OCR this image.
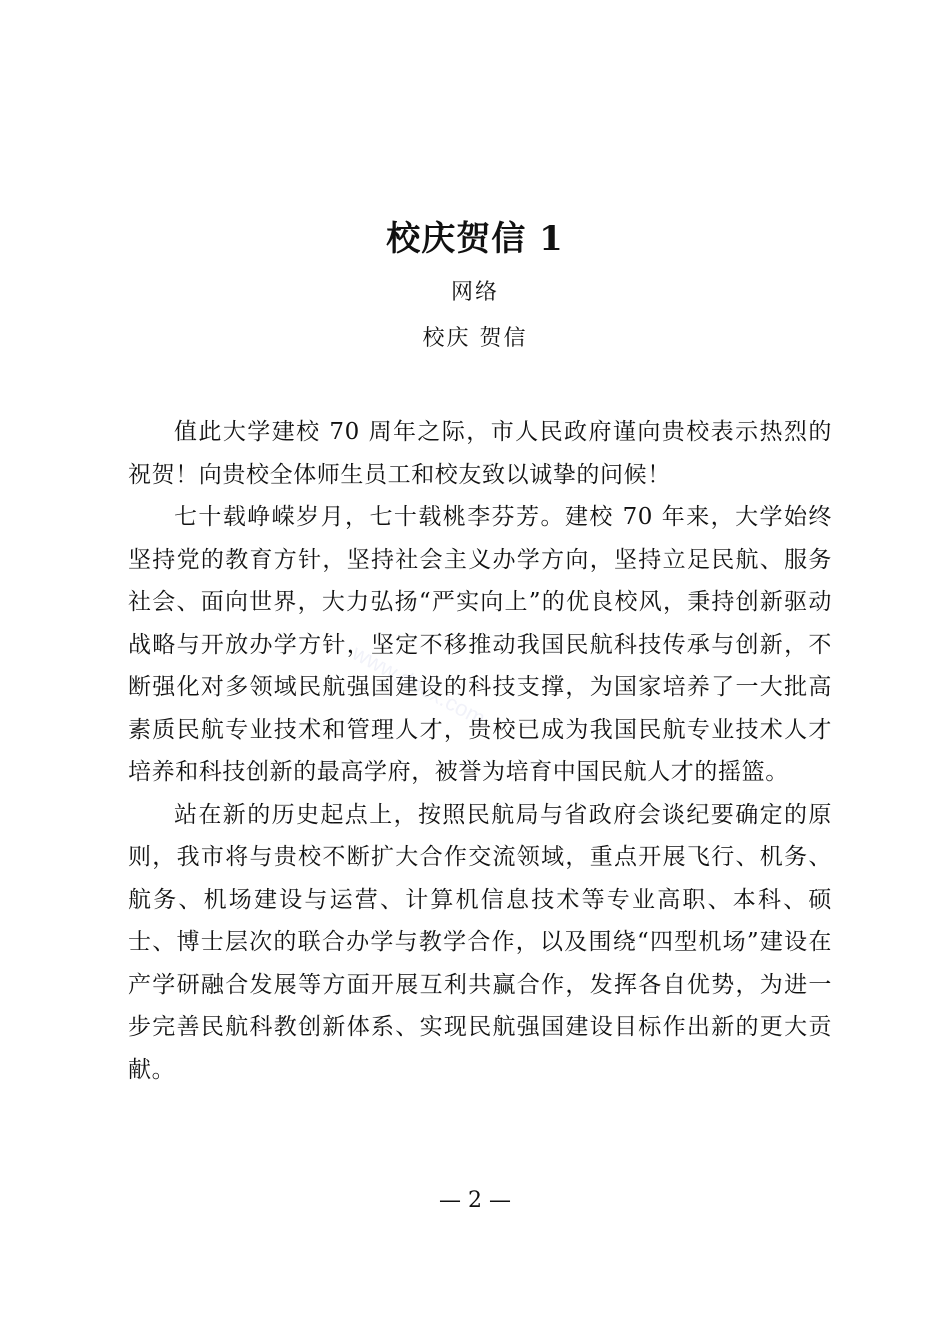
www.docx.com
校庆贺信 1
网络
校庆 贺信

值此大学建校 70 周年之际，市人民政府谨向贵校表示热烈的祝贺！向贵校全体师生员工和校友致以诚挚的问候！

七十载峥嵘岁月，七十载桃李芬芳。建校 70 年来，大学始终坚持党的教育方针，坚持社会主义办学方向，坚持立足民航、服务社会、面向世界，大力弘扬“严实向上”的优良校风，秉持创新驱动战略与开放办学方针，坚定不移推动我国民航科技传承与创新，不断强化对多领域民航强国建设的科技支撑，为国家培养了一大批高素质民航专业技术和管理人才，贵校已成为我国民航专业技术人才培养和科技创新的最高学府，被誉为培育中国民航人才的摇篮。

站在新的历史起点上，按照民航局与省政府会谈纪要确定的原则，我市将与贵校不断扩大合作交流领域，重点开展飞行、机务、航务、机场建设与运营、计算机信息技术等专业高职、本科、硕士、博士层次的联合办学与教学合作，以及围绕“四型机场”建设在产学研融合发展等方面开展互利共赢合作，发挥各自优势，为进一步完善民航科教创新体系、实现民航强国建设目标作出新的更大贡献。

— 2 —
